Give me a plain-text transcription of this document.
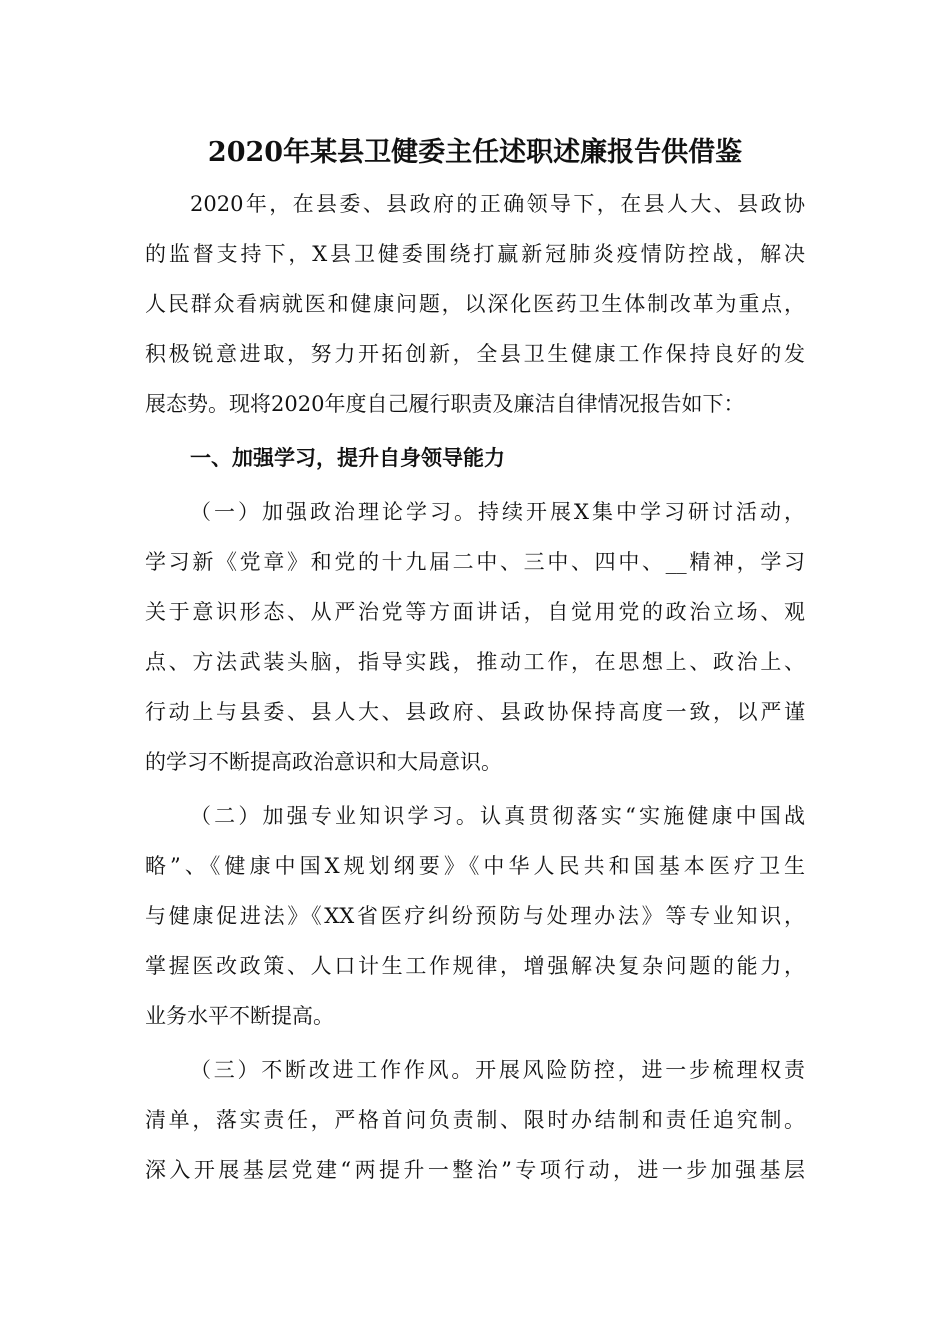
2020年某县卫健委主任述职述廉报告供借鉴
2020年，在县委、县政府的正确领导下，在县人大、县政协
的监督支持下，X县卫健委围绕打赢新冠肺炎疫情防控战，解决
人民群众看病就医和健康问题，以深化医药卫生体制改革为重点，
积极锐意进取，努力开拓创新，全县卫生健康工作保持良好的发
展态势。现将2020年度自己履行职责及廉洁自律情况报告如下：
一、加强学习，提升自身领导能力
（一）加强政治理论学习。持续开展X集中学习研讨活动，
学习新《党章》和党的十九届二中、三中、四中、__精神，学习
关于意识形态、从严治党等方面讲话，自觉用党的政治立场、观
点、方法武装头脑，指导实践，推动工作，在思想上、政治上、
行动上与县委、县人大、县政府、县政协保持高度一致，以严谨
的学习不断提高政治意识和大局意识。
（二）加强专业知识学习。认真贯彻落实“实施健康中国战
略”、《健康中国X规划纲要》《中华人民共和国基本医疗卫生
与健康促进法》《XX省医疗纠纷预防与处理办法》等专业知识，
掌握医改政策、人口计生工作规律，增强解决复杂问题的能力，
业务水平不断提高。
（三）不断改进工作作风。开展风险防控，进一步梳理权责
清单，落实责任，严格首问负责制、限时办结制和责任追究制。
深入开展基层党建“两提升一整治”专项行动，进一步加强基层
